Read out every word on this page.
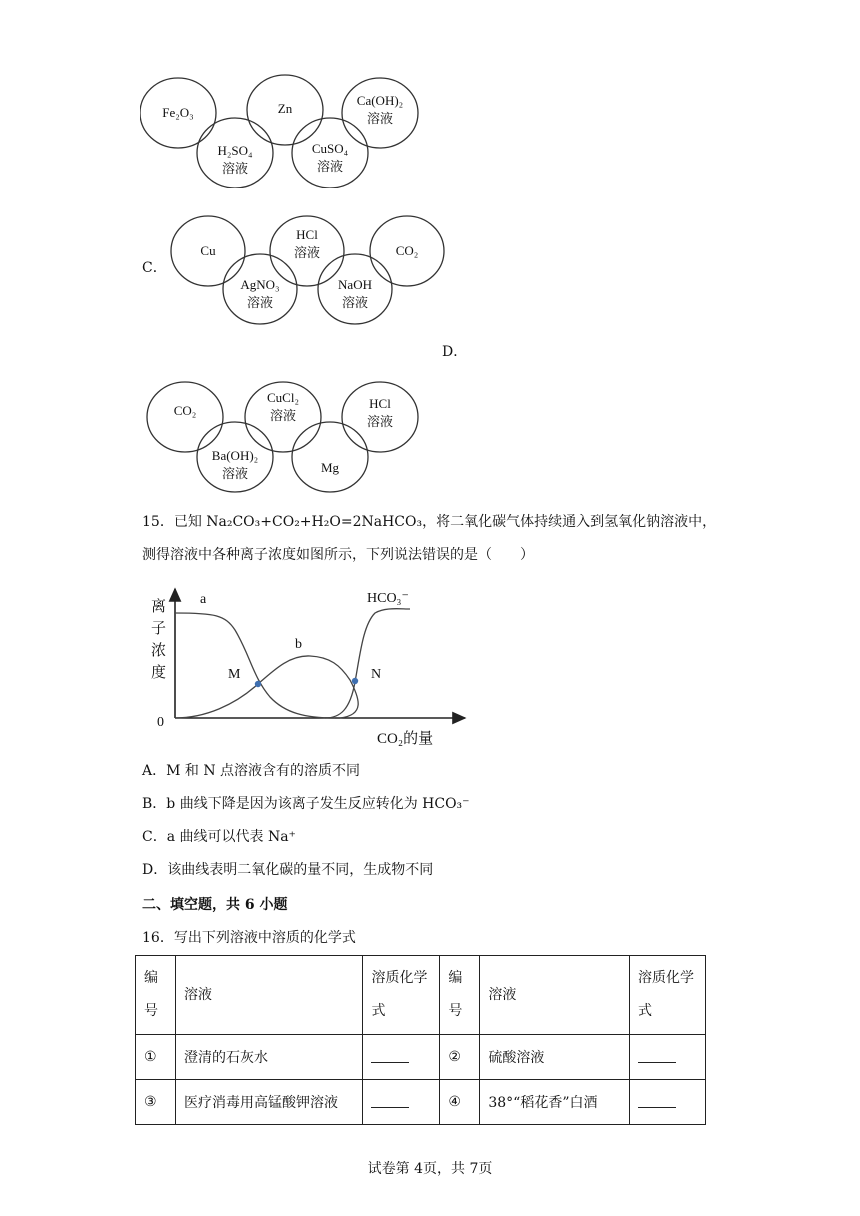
Fe₂O₃	Zn
Ca(OH)₂
溶液
H₂SO₄
溶液
CuSO₄
溶液
C．
Cu
HCl
溶液	CO₂
AgNO₃
溶液
NaOH
溶液
D．
CO₂
CuCl₂
溶液
HCl
溶液
Ba(OH)₂
溶液	Mg
15．已知 Na₂CO₃+CO₂+H₂O=2NaHCO₃，将二氧化碳气体持续通入到氢氧化钠溶液中，
测得溶液中各种离子浓度如图所示，下列说法错误的是（　　）
离
子
浓
度
0
CO₂的量
a
b
HCO₃⁻
M	N
A．M 和 N 点溶液含有的溶质不同
B．b 曲线下降是因为该离子发生反应转化为 HCO₃⁻
C．a 曲线可以代表 Na⁺
D．该曲线表明二氧化碳的量不同，生成物不同
二、填空题，共 6 小题
16．写出下列溶液中溶质的化学式
编号	溶液	溶质化学式	编号	溶液	溶质化学式
①	澄清的石灰水		②	硫酸溶液	
③	医疗消毒用高锰酸钾溶液		④	38°“稻花香”白酒	
试卷第 4页，共 7页
